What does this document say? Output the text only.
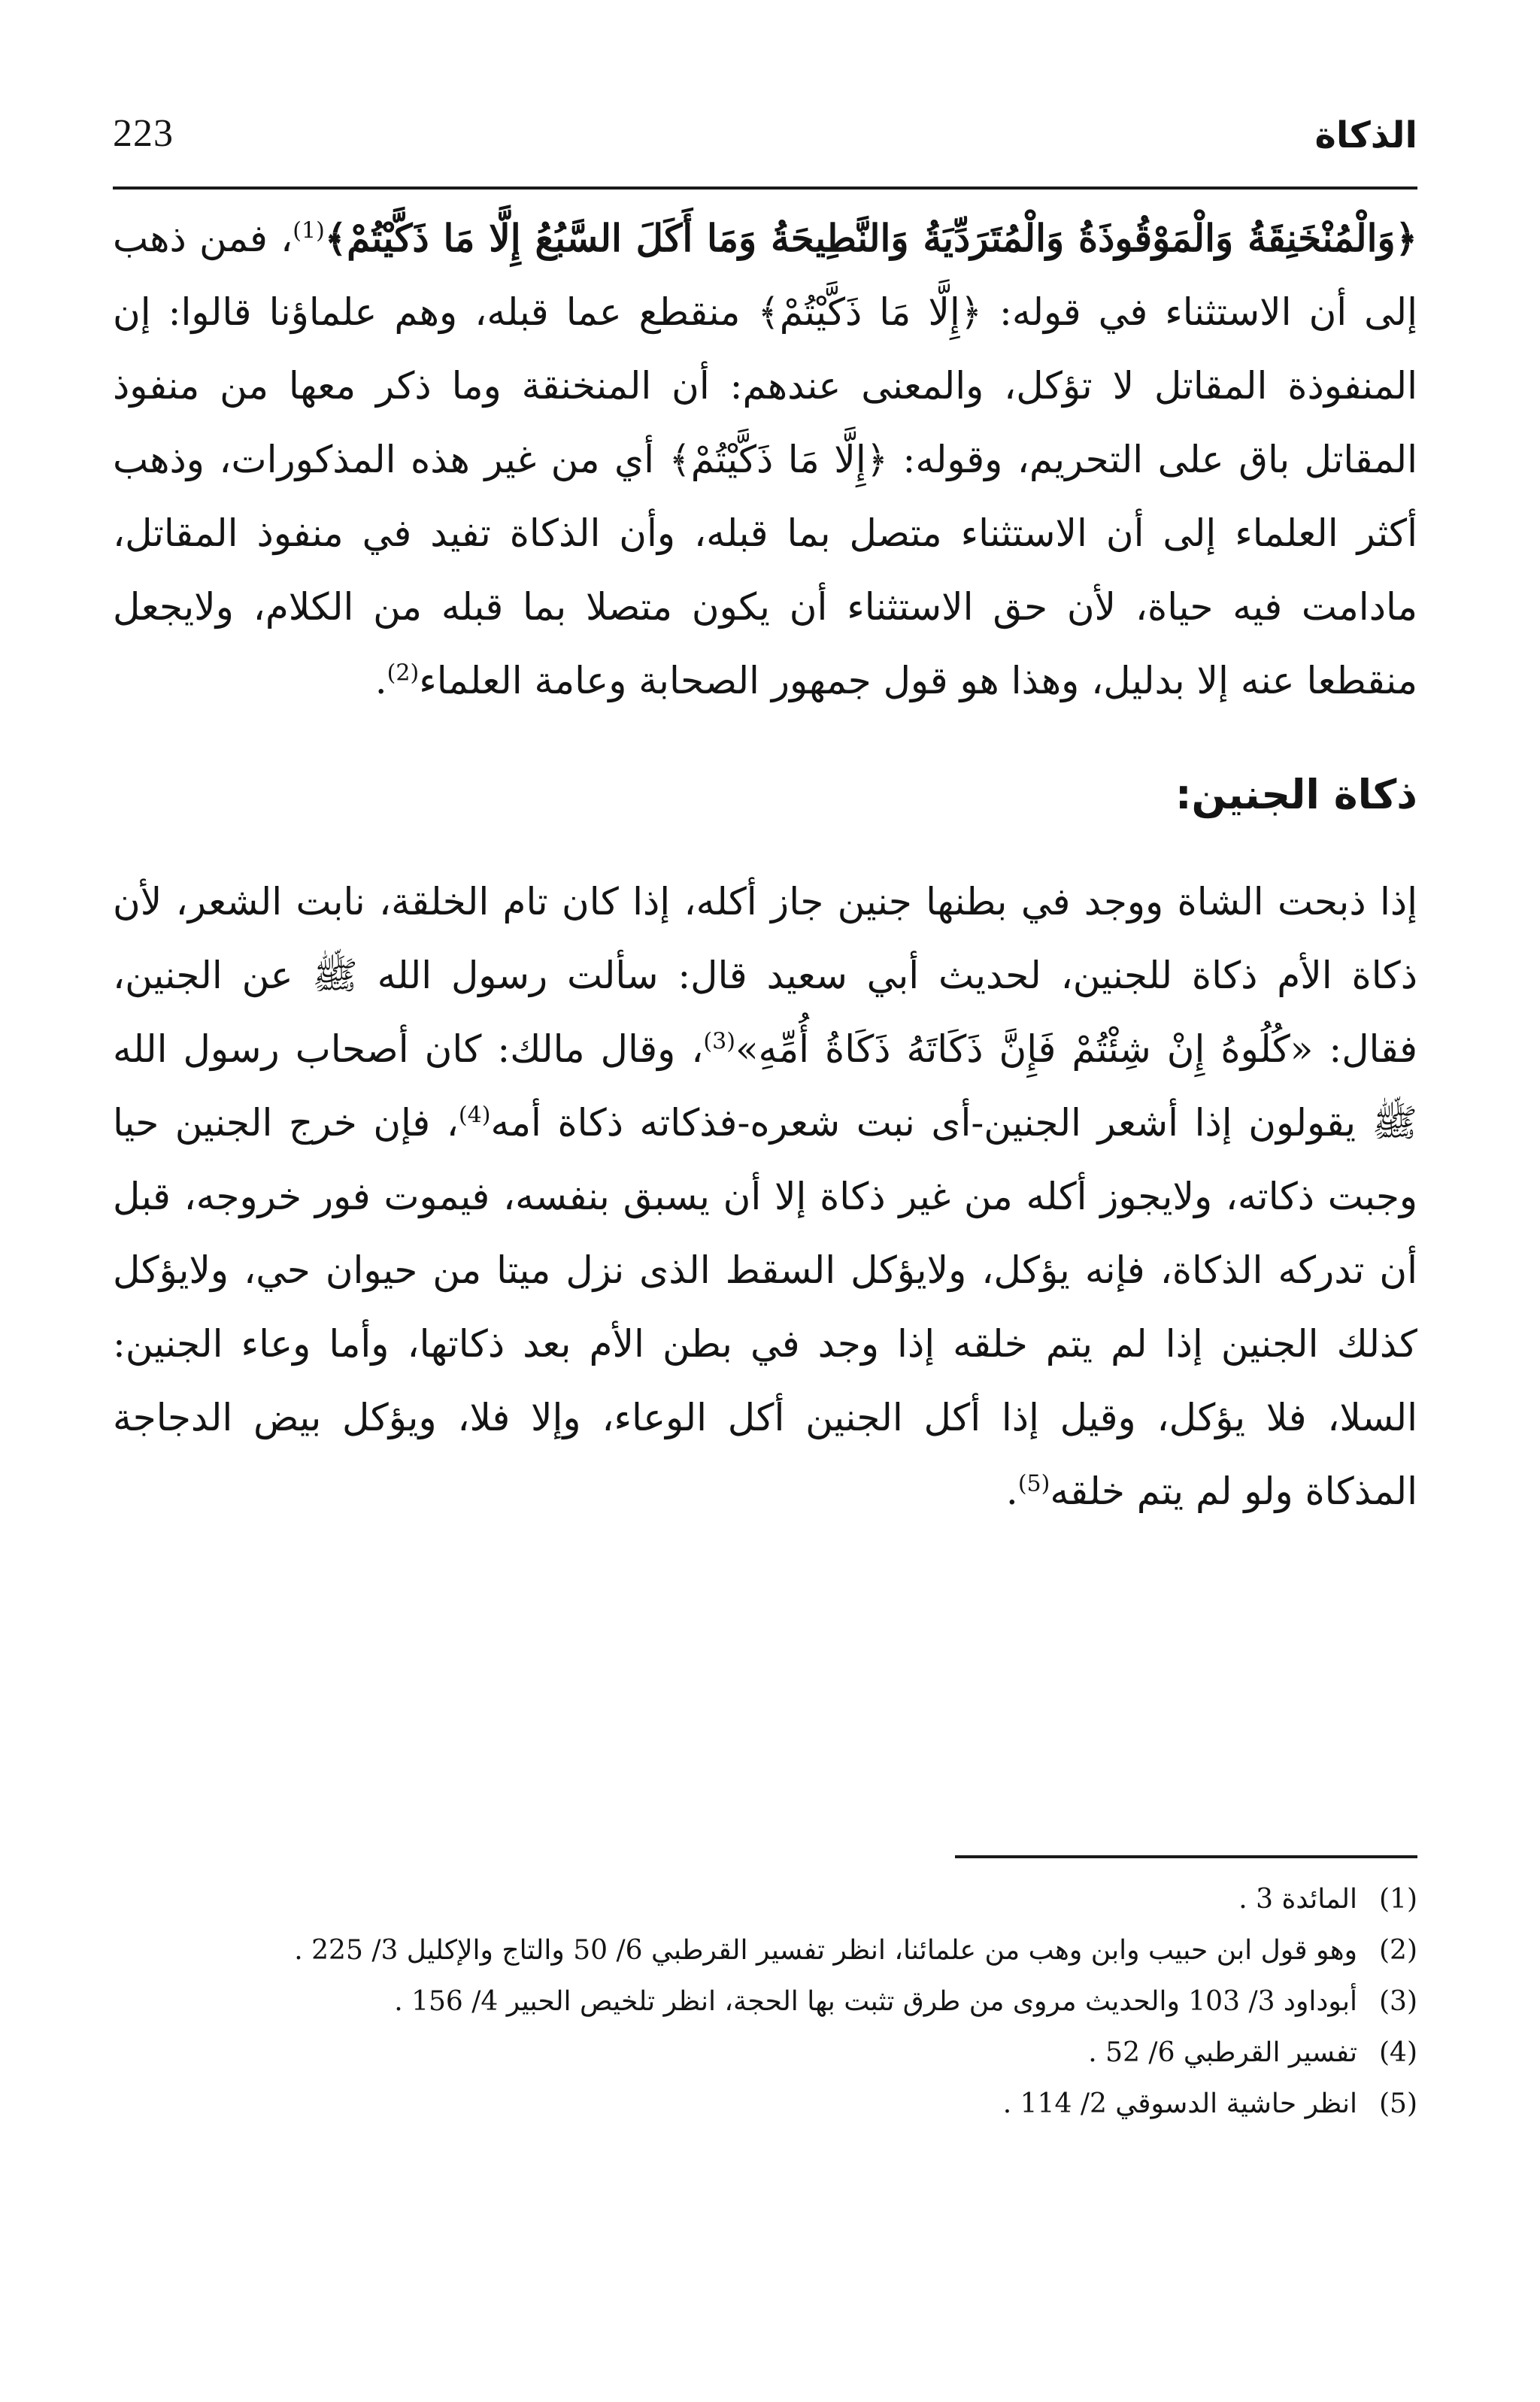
223	الذكاة

﴿وَالْمُنْخَنِقَةُ وَالْمَوْقُوذَةُ وَالْمُتَرَدِّيَةُ وَالنَّطِيحَةُ وَمَا أَكَلَ السَّبُعُ إِلَّا مَا ذَكَّيْتُمْ﴾$^{(1)}$، فمن ذهب إلى أن الاستثناء في قوله: ﴿إِلَّا مَا ذَكَّيْتُمْ﴾ منقطع عما قبله، وهم علماؤنا قالوا: إن المنفوذة المقاتل لا تؤكل، والمعنى عندهم: أن المنخنقة وما ذكر معها من منفوذ المقاتل باق على التحريم، وقوله: ﴿إِلَّا مَا ذَكَّيْتُمْ﴾ أي من غير هذه المذكورات، وذهب أكثر العلماء إلى أن الاستثناء متصل بما قبله، وأن الذكاة تفيد في منفوذ المقاتل، مادامت فيه حياة، لأن حق الاستثناء أن يكون متصلا بما قبله من الكلام، ولايجعل منقطعا عنه إلا بدليل، وهذا هو قول جمهور الصحابة وعامة العلماء$^{(2)}$.

ذكاة الجنين:

إذا ذبحت الشاة ووجد في بطنها جنين جاز أكله، إذا كان تام الخلقة، نابت الشعر، لأن ذكاة الأم ذكاة للجنين، لحديث أبي سعيد قال: سألت رسول الله ﷺ عن الجنين، فقال: «كُلُوهُ إِنْ شِئْتُمْ فَإِنَّ ذَكَاتَهُ ذَكَاةُ أُمِّهِ»$^{(3)}$، وقال مالك: كان أصحاب رسول الله ﷺ يقولون إذا أشعر الجنين-أى نبت شعره-فذكاته ذكاة أمه$^{(4)}$، فإن خرج الجنين حيا وجبت ذكاته، ولايجوز أكله من غير ذكاة إلا أن يسبق بنفسه، فيموت فور خروجه، قبل أن تدركه الذكاة، فإنه يؤكل، ولايؤكل السقط الذى نزل ميتا من حيوان حي، ولايؤكل كذلك الجنين إذا لم يتم خلقه إذا وجد في بطن الأم بعد ذكاتها، وأما وعاء الجنين: السلا، فلا يؤكل، وقيل إذا أكل الجنين أكل الوعاء، وإلا فلا، ويؤكل بيض الدجاجة المذكاة ولو لم يتم خلقه$^{(5)}$.

(1)
المائدة 3 .
(2)
وهو قول ابن حبيب وابن وهب من علمائنا، انظر تفسير القرطبي 6/ 50 والتاج والإكليل 3/ 225 .
(3)
أبوداود 3/ 103 والحديث مروى من طرق تثبت بها الحجة، انظر تلخيص الحبير 4/ 156 .
(4)
تفسير القرطبي 6/ 52 .
(5)
انظر حاشية الدسوقي 2/ 114 .
